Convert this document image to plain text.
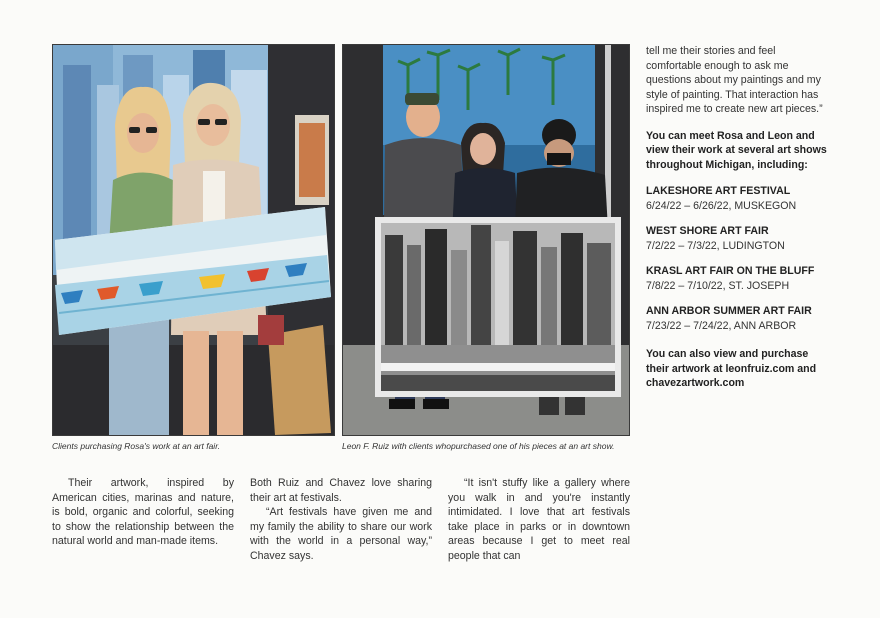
Clients purchasing Rosa's work at an art fair.	Leon F. Ruiz with clients whopurchased one of his pieces at an art show.

Their artwork, inspired by American cities, marinas and nature, is bold, organic and colorful, seeking to show the relationship between the natural world and man-made items.

Both Ruiz and Chavez love sharing their art at festivals.

“Art festivals have given me and my family the ability to share our work with the world in a personal way,” Chavez says.

“It isn't stuffy like a gallery where you walk in and you're instantly intimidated. I love that art festivals take place in parks or in downtown areas because I get to meet real people that can

tell me their stories and feel comfortable enough to ask me questions about my paintings and my style of painting. That interaction has inspired me to create new art pieces.”

You can meet Rosa and Leon and view their work at several art shows throughout Michigan, including:

LAKESHORE ART FESTIVAL
6/24/22 – 6/26/22, MUSKEGON
WEST SHORE ART FAIR
7/2/22 – 7/3/22, LUDINGTON
KRASL ART FAIR ON THE BLUFF
7/8/22 – 7/10/22, ST. JOSEPH
ANN ARBOR SUMMER ART FAIR
7/23/22 – 7/24/22, ANN ARBOR

You can also view and purchase their artwork at leonfruiz.com and chavezartwork.com
